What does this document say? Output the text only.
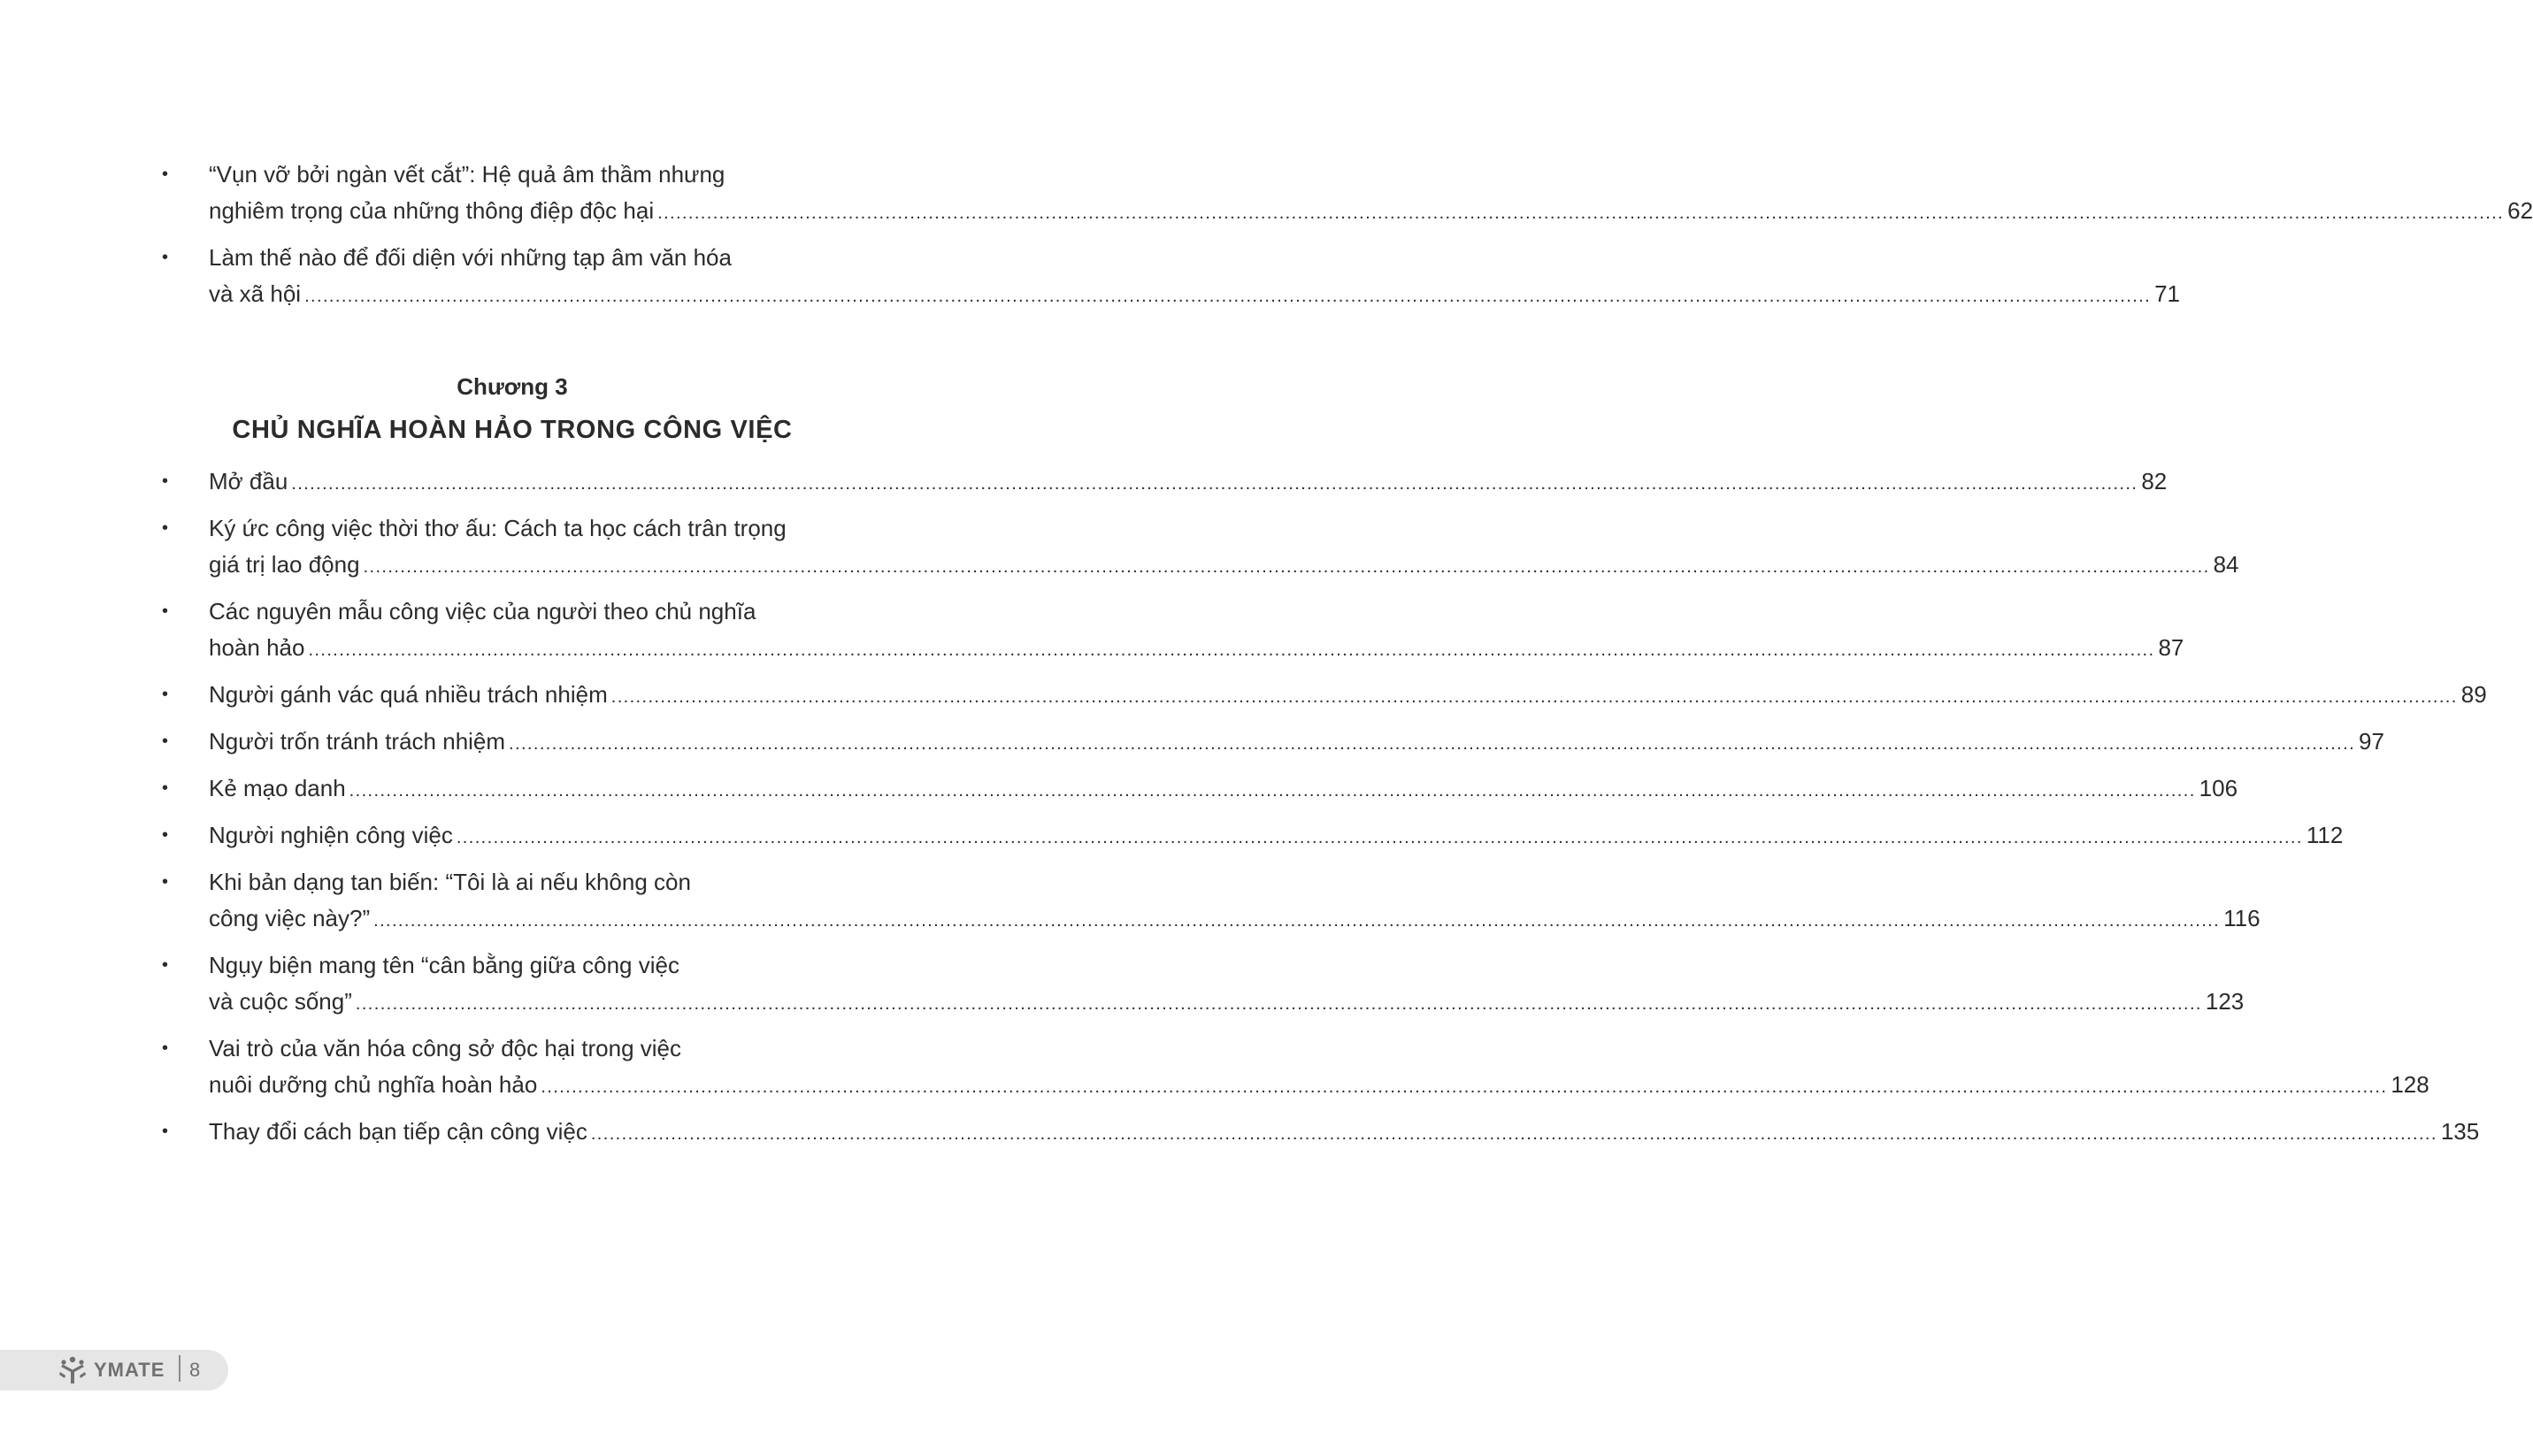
• “Vụn vỡ bởi ngàn vết cắt”: Hệ quả âm thầm nhưng
nghiêm trọng của những thông điệp độc hại ............................................................................................................................................................................................................................................................................................................ 62
• Làm thế nào để đối diện với những tạp âm văn hóa
và xã hội ............................................................................................................................................................................................................................................................................................................ 71
Chương 3
CHỦ NGHĨA HOÀN HẢO TRONG CÔNG VIỆC
• Mở đầu ............................................................................................................................................................................................................................................................................................................ 82
• Ký ức công việc thời thơ ấu: Cách ta học cách trân trọng
giá trị lao động ............................................................................................................................................................................................................................................................................................................ 84
• Các nguyên mẫu công việc của người theo chủ nghĩa
hoàn hảo ............................................................................................................................................................................................................................................................................................................ 87
• Người gánh vác quá nhiều trách nhiệm ............................................................................................................................................................................................................................................................................................................ 89
• Người trốn tránh trách nhiệm ............................................................................................................................................................................................................................................................................................................ 97
• Kẻ mạo danh ............................................................................................................................................................................................................................................................................................................ 106
• Người nghiện công việc ............................................................................................................................................................................................................................................................................................................ 112
• Khi bản dạng tan biến: “Tôi là ai nếu không còn
công việc này?” ............................................................................................................................................................................................................................................................................................................ 116
• Ngụy biện mang tên “cân bằng giữa công việc
và cuộc sống” ............................................................................................................................................................................................................................................................................................................ 123
• Vai trò của văn hóa công sở độc hại trong việc
nuôi dưỡng chủ nghĩa hoàn hảo ............................................................................................................................................................................................................................................................................................................ 128
• Thay đổi cách bạn tiếp cận công việc ............................................................................................................................................................................................................................................................................................................ 135
YMATE 8
